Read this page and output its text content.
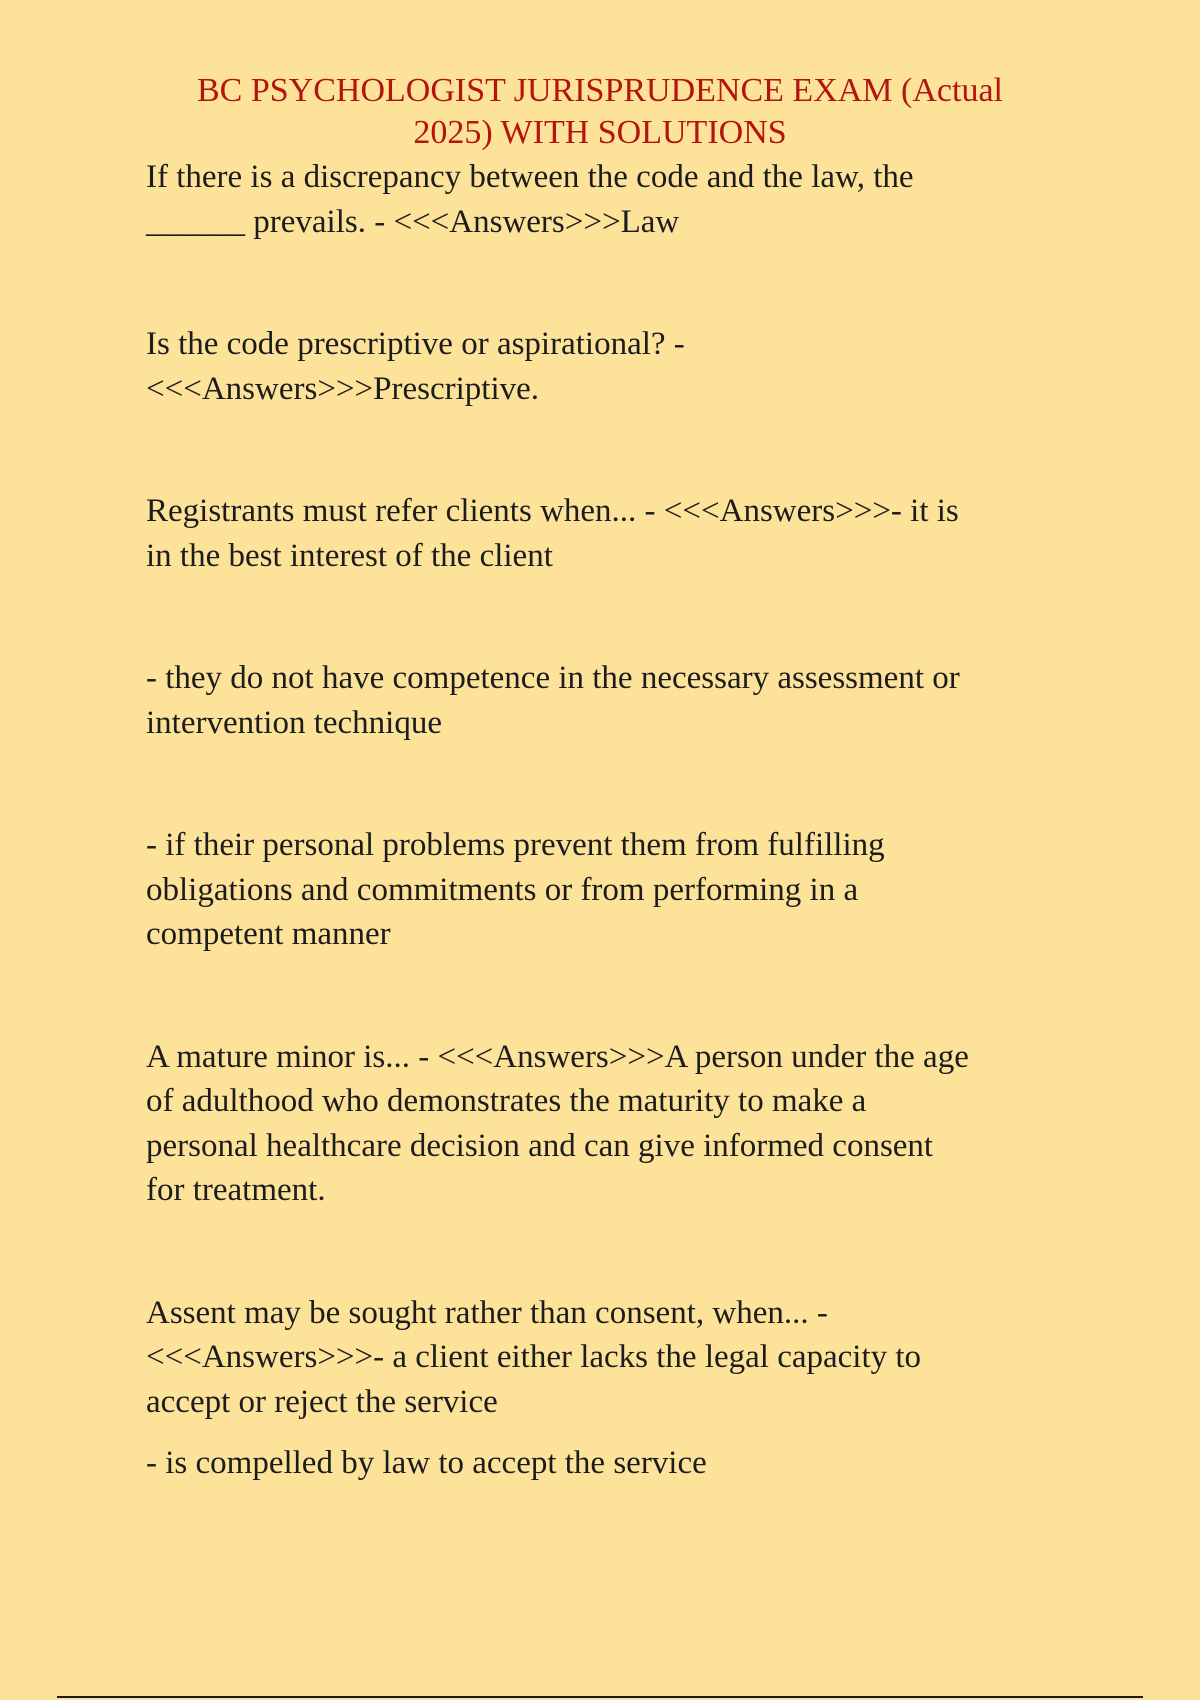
BC PSYCHOLOGIST JURISPRUDENCE EXAM (Actual
2025) WITH SOLUTIONS

If there is a discrepancy between the code and the law, the
______ prevails. - <<<Answers>>>Law

Is the code prescriptive or aspirational? -
<<<Answers>>>Prescriptive.

Registrants must refer clients when... - <<<Answers>>>- it is
in the best interest of the client

- they do not have competence in the necessary assessment or
intervention technique

- if their personal problems prevent them from fulfilling
obligations and commitments or from performing in a
competent manner

A mature minor is... - <<<Answers>>>A person under the age
of adulthood who demonstrates the maturity to make a
personal healthcare decision and can give informed consent
for treatment.

Assent may be sought rather than consent, when... -
<<<Answers>>>- a client either lacks the legal capacity to
accept or reject the service

- is compelled by law to accept the service
